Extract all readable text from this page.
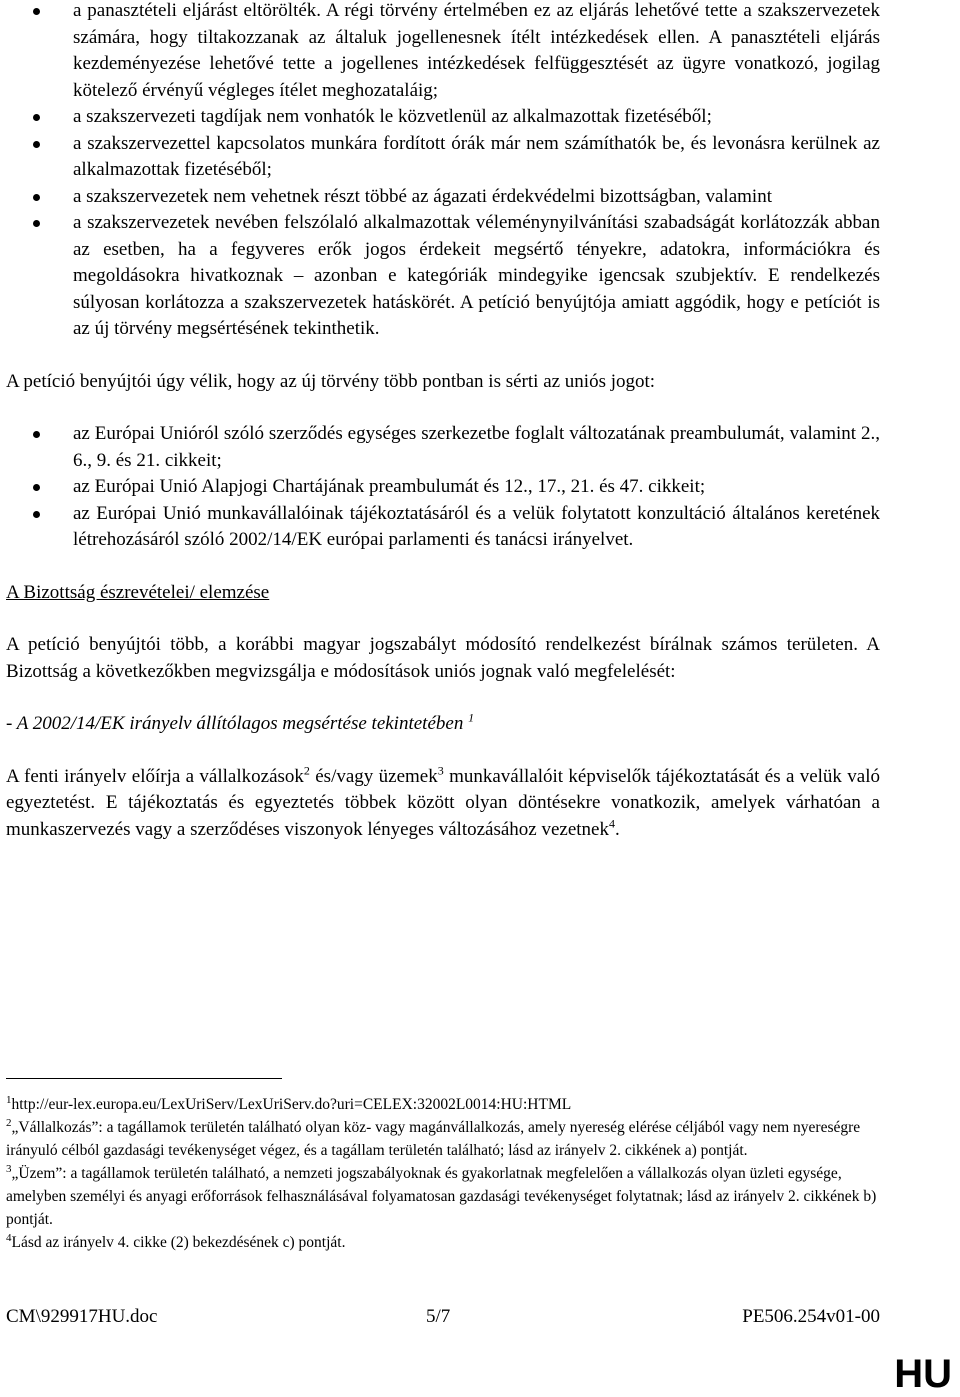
a panasztételi eljárást eltörölték. A régi törvény értelmében ez az eljárás lehetővé tette a szakszervezetek számára, hogy tiltakozzanak az általuk jogellenesnek ítélt intézkedések ellen. A panasztételi eljárás kezdeményezése lehetővé tette a jogellenes intézkedések felfüggesztését az ügyre vonatkozó, jogilag kötelező érvényű végleges ítélet meghozataláig;
a szakszervezeti tagdíjak nem vonhatók le közvetlenül az alkalmazottak fizetéséből;
a szakszervezettel kapcsolatos munkára fordított órák már nem számíthatók be, és levonásra kerülnek az alkalmazottak fizetéséből;
a szakszervezetek nem vehetnek részt többé az ágazati érdekvédelmi bizottságban, valamint
a szakszervezetek nevében felszólaló alkalmazottak véleménynyilvánítási szabadságát korlátozzák abban az esetben, ha a fegyveres erők jogos érdekeit megsértő tényekre, adatokra, információkra és megoldásokra hivatkoznak – azonban e kategóriák mindegyike igencsak szubjektív. E rendelkezés súlyosan korlátozza a szakszervezetek hatáskörét. A petíció benyújtója amiatt aggódik, hogy e petíciót is az új törvény megsértésének tekinthetik.

A petíció benyújtói úgy vélik, hogy az új törvény több pontban is sérti az uniós jogot:

az Európai Unióról szóló szerződés egységes szerkezetbe foglalt változatának preambulumát, valamint 2., 6., 9. és 21. cikkeit;
az Európai Unió Alapjogi Chartájának preambulumát és 12., 17., 21. és 47. cikkeit;
az Európai Unió munkavállalóinak tájékoztatásáról és a velük folytatott konzultáció általános keretének létrehozásáról szóló 2002/14/EK európai parlamenti és tanácsi irányelvet.

A Bizottság észrevételei/ elemzése

A petíció benyújtói több, a korábbi magyar jogszabályt módosító rendelkezést bírálnak számos területen. A Bizottság a következőkben megvizsgálja e módosítások uniós jognak való megfelelését:

- A 2002/14/EK irányelv állítólagos megsértése tekintetében $^1$

A fenti irányelv előírja a vállalkozások$^2$ és/vagy üzemek$^3$ munkavállalóit képviselők tájékoztatását és a velük való egyeztetést. E tájékoztatás és egyeztetés többek között olyan döntésekre vonatkozik, amelyek várhatóan a munkaszervezés vagy a szerződéses viszonyok lényeges változásához vezetnek$^4$.

$^1$http://eur-lex.europa.eu/LexUriServ/LexUriServ.do?uri=CELEX:32002L0014:HU:HTML

$^2$„Vállalkozás”: a tagállamok területén található olyan köz- vagy magánvállalkozás, amely nyereség elérése céljából vagy nem nyereségre irányuló célból gazdasági tevékenységet végez, és a tagállam területén található; lásd az irányelv 2. cikkének a) pontját.

$^3$„Üzem”: a tagállamok területén található, a nemzeti jogszabályoknak és gyakorlatnak megfelelően a vállalkozás olyan üzleti egysége, amelyben személyi és anyagi erőforrások felhasználásával folyamatosan gazdasági tevékenységet folytatnak; lásd az irányelv 2. cikkének b) pontját.

$^4$Lásd az irányelv 4. cikke (2) bekezdésének c) pontját.

CM\929917HU.doc	5/7	PE506.254v01-00
HU
